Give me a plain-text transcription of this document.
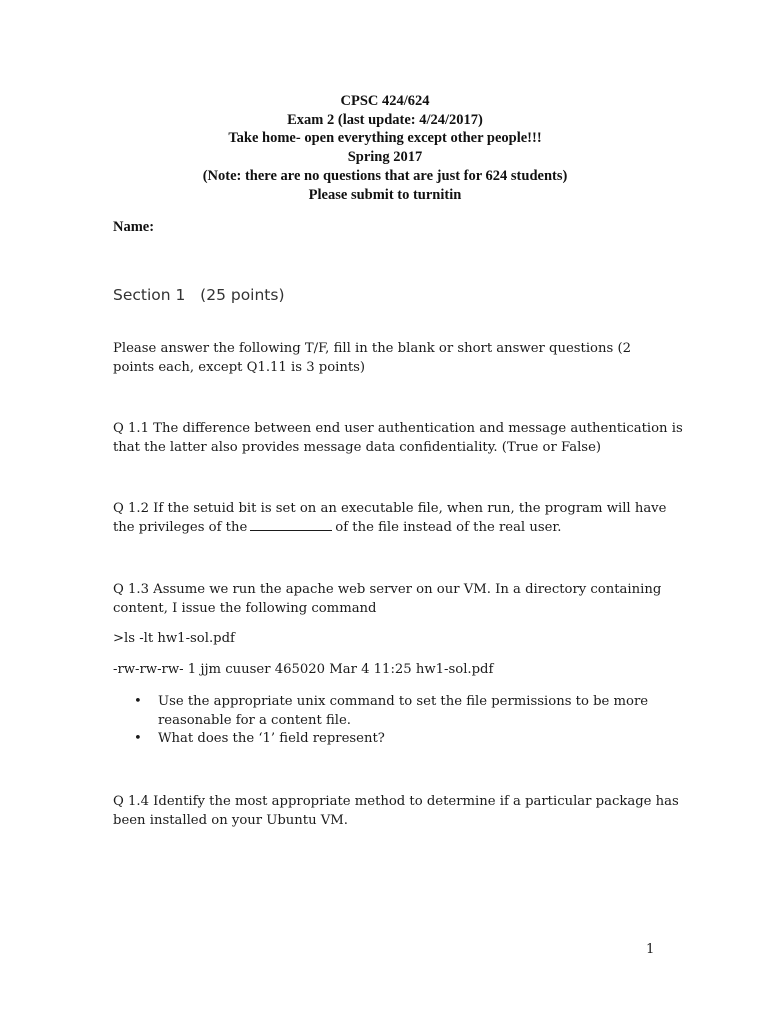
CPSC 424/624
Exam 2 (last update: 4/24/2017)
Take home- open everything except other people!!!
Spring 2017
(Note: there are no questions that are just for 624 students)
Please submit to turnitin
Name:
Section 1   (25 points)
Please answer the following T/F, fill in the blank or short answer questions (2
points each, except Q1.11 is 3 points)
Q 1.1 The difference between end user authentication and message authentication is
that the latter also provides message data confidentiality. (True or False)
Q 1.2 If the setuid bit is set on an executable file, when run, the program will have
the privileges of the	of the file instead of the real user.
Q 1.3 Assume we run the apache web server on our VM. In a directory containing
content, I issue the following command
>ls -lt hw1-sol.pdf
-rw-rw-rw- 1 jjm cuuser 465020 Mar 4 11:25 hw1-sol.pdf
• Use the appropriate unix command to set the file permissions to be more
reasonable for a content file.
• What does the ‘1’ field represent?
Q 1.4 Identify the most appropriate method to determine if a particular package has
been installed on your Ubuntu VM.
1
